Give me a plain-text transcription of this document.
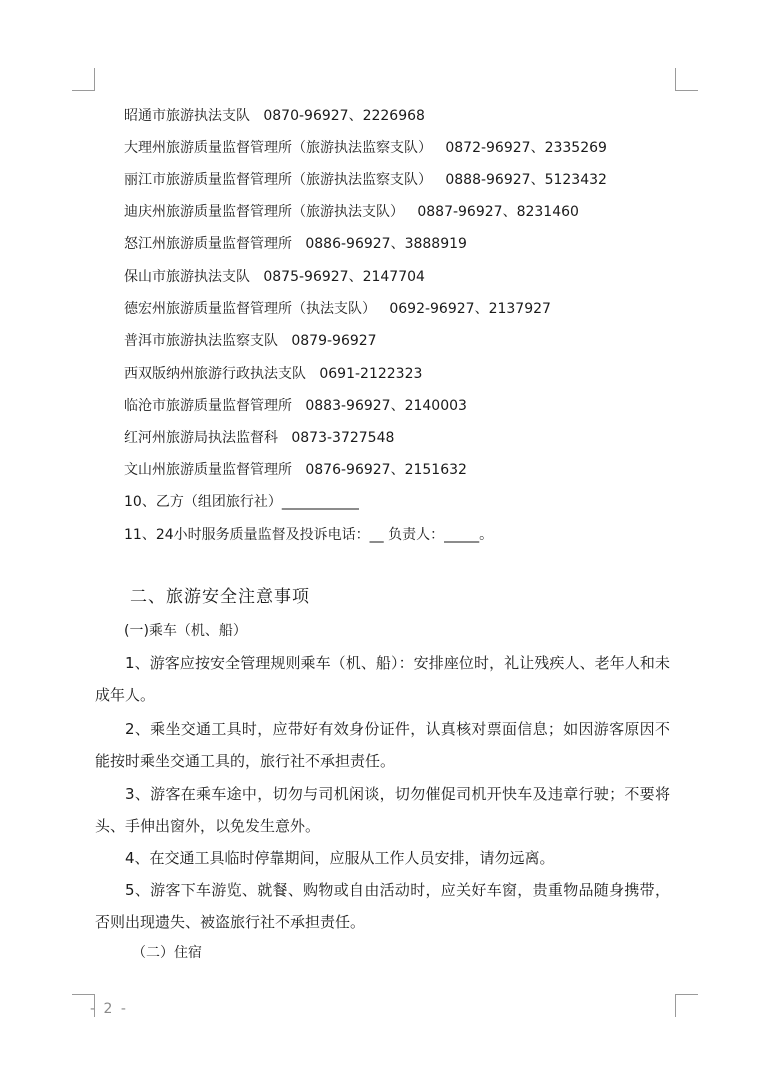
昭通市旅游执法支队   0870-96927、2226968
大理州旅游质量监督管理所（旅游执法监察支队）   0872-96927、2335269
丽江市旅游质量监督管理所（旅游执法监察支队）   0888-96927、5123432
迪庆州旅游质量监督管理所（旅游执法支队）   0887-96927、8231460
怒江州旅游质量监督管理所   0886-96927、3888919
保山市旅游执法支队   0875-96927、2147704
德宏州旅游质量监督管理所（执法支队）   0692-96927、2137927
普洱市旅游执法监察支队   0879-96927
西双版纳州旅游行政执法支队   0691-2122323
临沧市旅游质量监督管理所   0883-96927、2140003
红河州旅游局执法监督科   0873-3727548
文山州旅游质量监督管理所   0876-96927、2151632
10、乙方（组团旅行社）___________
11、24小时服务质量监督及投诉电话：__ 负责人：_____。
二、旅游安全注意事项
(一)乘车（机、船）
1、游客应按安全管理规则乘车（机、船）：安排座位时，礼让残疾人、老年人和未成年人。
2、乘坐交通工具时，应带好有效身份证件，认真核对票面信息；如因游客原因不能按时乘坐交通工具的，旅行社不承担责任。
3、游客在乘车途中，切勿与司机闲谈，切勿催促司机开快车及违章行驶；不要将头、手伸出窗外，以免发生意外。
4、在交通工具临时停靠期间，应服从工作人员安排，请勿远离。
5、游客下车游览、就餐、购物或自由活动时，应关好车窗，贵重物品随身携带，否则出现遗失、被盗旅行社不承担责任。
（二）住宿
- 2 -
